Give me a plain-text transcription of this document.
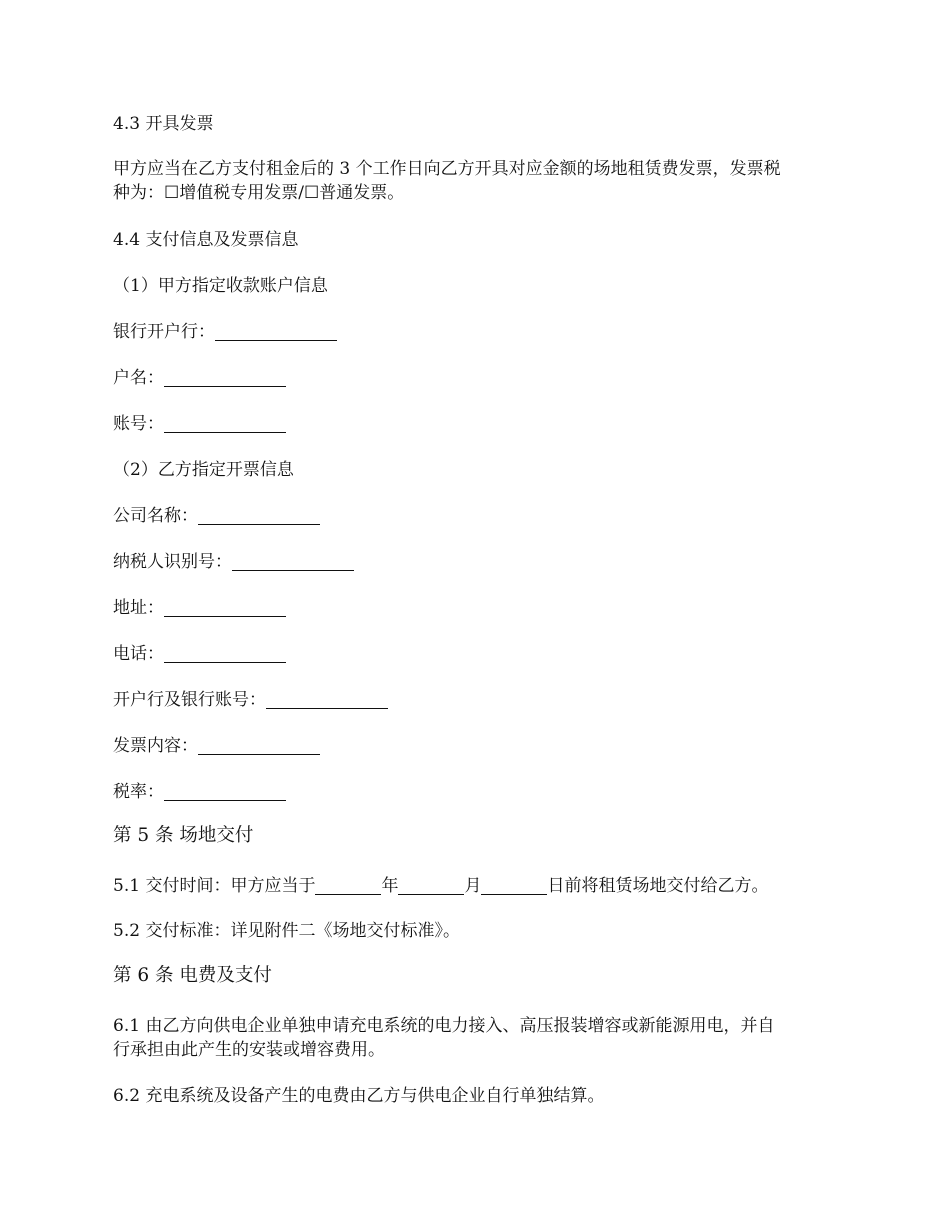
4.3 开具发票
甲方应当在乙方支付租金后的 3 个工作日向乙方开具对应金额的场地租赁费发票，发票税
种为：☐增值税专用发票/☐普通发票。
4.4 支付信息及发票信息
（1）甲方指定收款账户信息
银行开户行：
户名：
账号：
（2）乙方指定开票信息
公司名称：
纳税人识别号：
地址：
电话：
开户行及银行账号：
发票内容：
税率：
第 5 条 场地交付
5.1 交付时间：甲方应当于	年	月	日前将租赁场地交付给乙方。
5.2 交付标准：详见附件二《场地交付标准》。
第 6 条 电费及支付
6.1 由乙方向供电企业单独申请充电系统的电力接入、高压报装增容或新能源用电，并自
行承担由此产生的安装或增容费用。
6.2 充电系统及设备产生的电费由乙方与供电企业自行单独结算。
